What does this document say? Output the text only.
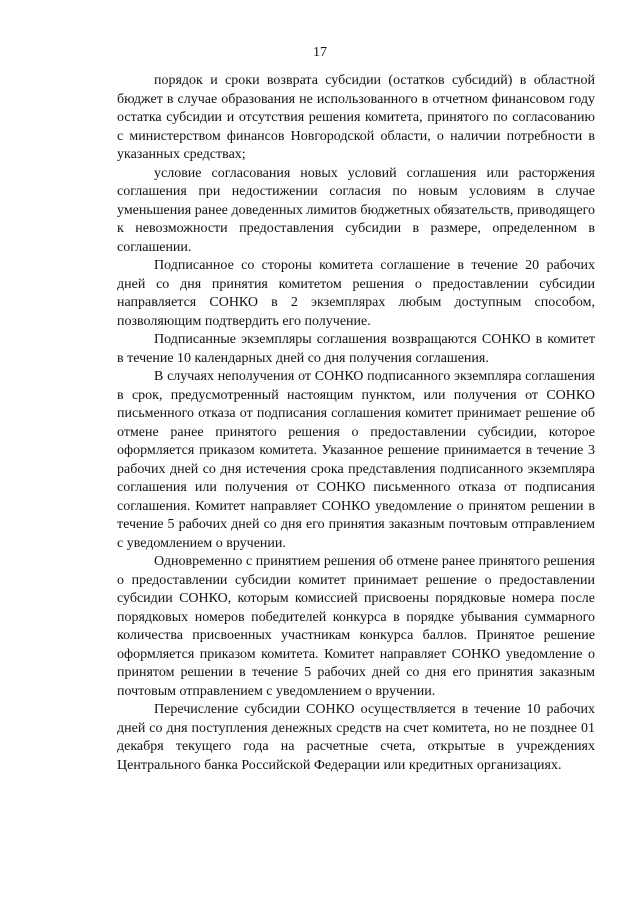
17

порядок и сроки возврата субсидии (остатков субсидий) в областной бюджет в случае образования не использованного в отчетном финансовом году остатка субсидии и отсутствия решения комитета, принятого по согласованию с министерством финансов Новгородской области, о наличии потребности в указанных средствах;

условие согласования новых условий соглашения или расторжения соглашения при недостижении согласия по новым условиям в случае уменьшения ранее доведенных лимитов бюджетных обязательств, приводящего к невозможности предоставления субсидии в размере, определенном в соглашении.

Подписанное со стороны комитета соглашение в течение 20 рабочих дней со дня принятия комитетом решения о предоставлении субсидии направляется СОНКО в 2 экземплярах любым доступным способом, позволяющим подтвердить его получение.

Подписанные экземпляры соглашения возвращаются СОНКО в комитет в течение 10 календарных дней со дня получения соглашения.

В случаях неполучения от СОНКО подписанного экземпляра соглашения в срок, предусмотренный настоящим пунктом, или получения от СОНКО письменного отказа от подписания соглашения комитет принимает решение об отмене ранее принятого решения о предоставлении субсидии, которое оформляется приказом комитета. Указанное решение принимается в течение 3 рабочих дней со дня истечения срока представления подписанного экземпляра соглашения или получения от СОНКО письменного отказа от подписания соглашения. Комитет направляет СОНКО уведомление о принятом решении в течение 5 рабочих дней со дня его принятия заказным почтовым отправлением с уведомлением о вручении.

Одновременно с принятием решения об отмене ранее принятого решения о предоставлении субсидии комитет принимает решение о предоставлении субсидии СОНКО, которым комиссией присвоены порядковые номера после порядковых номеров победителей конкурса в порядке убывания суммарного количества присвоенных участникам конкурса баллов. Принятое решение оформляется приказом комитета. Комитет направляет СОНКО уведомление о принятом решении в течение 5 рабочих дней со дня его принятия заказным почтовым отправлением с уведомлением о вручении.

Перечисление субсидии СОНКО осуществляется в течение 10 рабочих дней со дня поступления денежных средств на счет комитета, но не позднее 01 декабря текущего года на расчетные счета, открытые в учреждениях Центрального банка Российской Федерации или кредитных организациях.
